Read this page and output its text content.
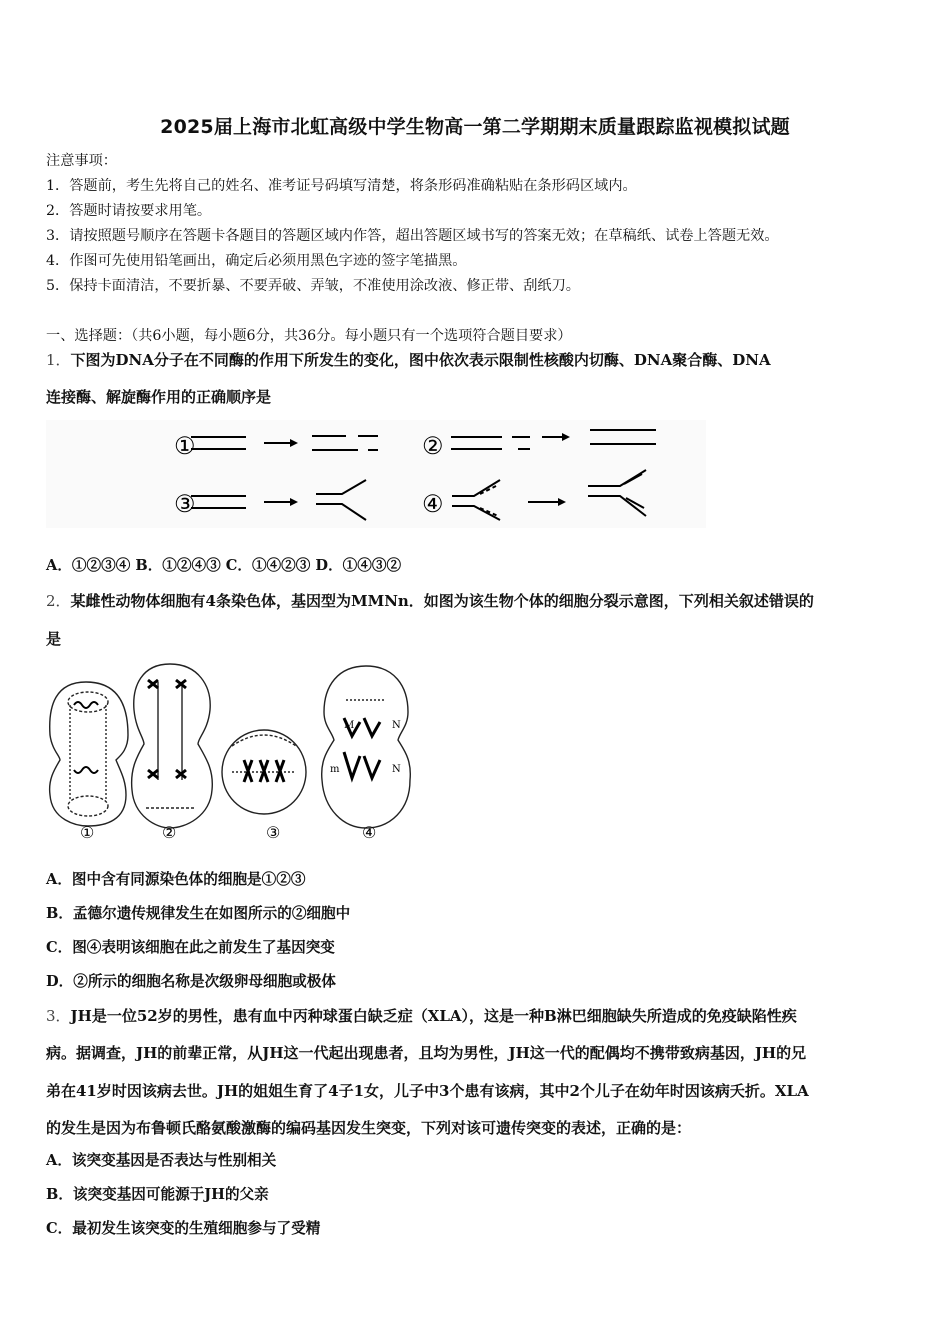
2025届上海市北虹高级中学生物高一第二学期期末质量跟踪监视模拟试题
注意事项：
1．答题前，考生先将自己的姓名、准考证号码填写清楚，将条形码准确粘贴在条形码区域内。
2．答题时请按要求用笔。
3．请按照题号顺序在答题卡各题目的答题区域内作答，超出答题区域书写的答案无效；在草稿纸、试卷上答题无效。
4．作图可先使用铅笔画出，确定后必须用黑色字迹的签字笔描黑。
5．保持卡面清洁，不要折暴、不要弄破、弄皱，不准使用涂改液、修正带、刮纸刀。
一、选择题：（共6小题，每小题6分，共36分。每小题只有一个选项符合题目要求）
1．下图为DNA分子在不同酶的作用下所发生的变化，图中依次表示限制性核酸内切酶、DNA聚合酶、DNA
连接酶、解旋酶作用的正确顺序是
①	②
③	④
A．①②③④ B．①②④③ C．①④②③ D．①④③②
2．某雌性动物体细胞有4条染色体，基因型为MMNn．如图为该生物个体的细胞分裂示意图，下列相关叙述错误的
是
M	N
m	N
①	②	③	④
A．图中含有同源染色体的细胞是①②③
B．孟德尔遗传规律发生在如图所示的②细胞中
C．图④表明该细胞在此之前发生了基因突变
D．②所示的细胞名称是次级卵母细胞或极体
3．JH是一位52岁的男性，患有血中丙种球蛋白缺乏症（XLA），这是一种B淋巴细胞缺失所造成的免疫缺陷性疾
病。据调查，JH的前辈正常，从JH这一代起出现患者，且均为男性，JH这一代的配偶均不携带致病基因，JH的兄
弟在41岁时因该病去世。JH的姐姐生育了4子1女，儿子中3个患有该病，其中2个儿子在幼年时因该病夭折。XLA
的发生是因为布鲁顿氏酪氨酸激酶的编码基因发生突变，下列对该可遗传突变的表述，正确的是：
A．该突变基因是否表达与性别相关
B．该突变基因可能源于JH的父亲
C．最初发生该突变的生殖细胞参与了受精
